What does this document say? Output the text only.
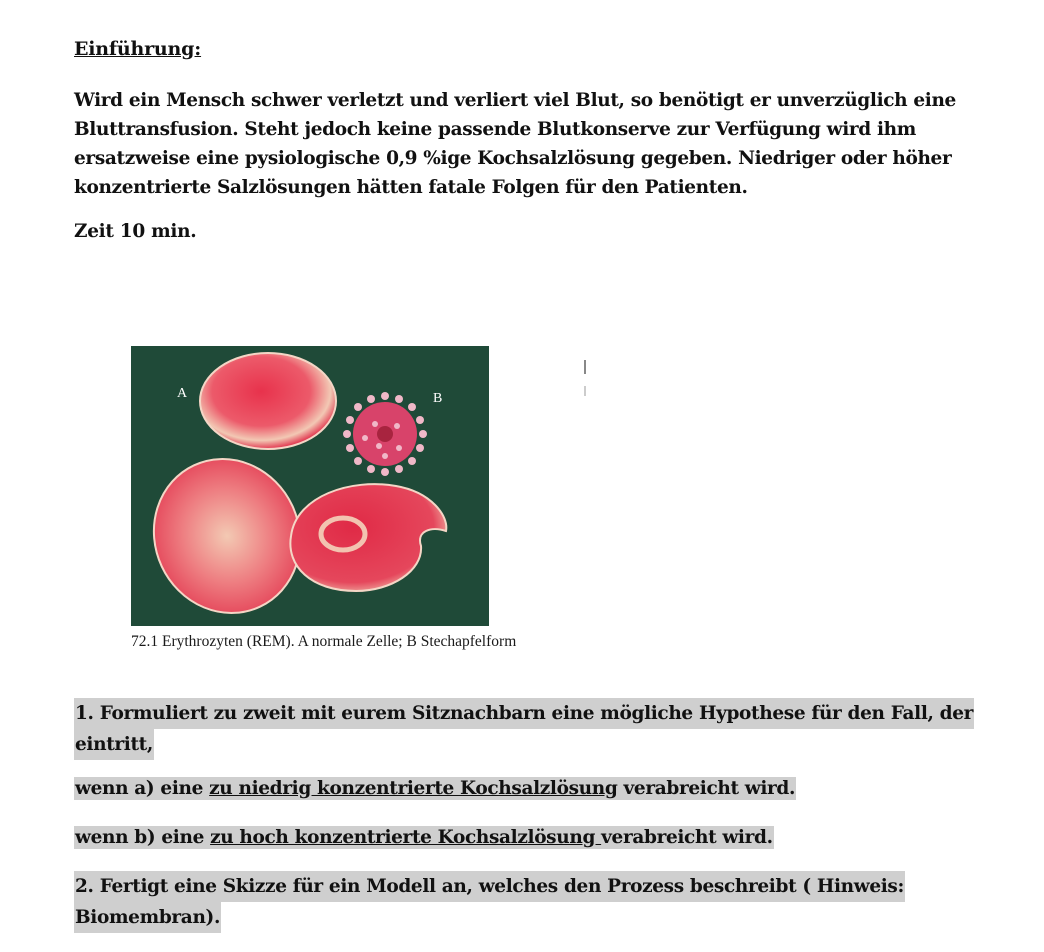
Einführung:
Wird ein Mensch schwer verletzt und verliert viel Blut, so benötigt er unverzüglich eine
Bluttransfusion. Steht jedoch keine passende Blutkonserve zur Verfügung wird ihm
ersatzweise eine pysiologische 0,9 %ige Kochsalzlösung gegeben. Niedriger oder höher
konzentrierte Salzlösungen hätten fatale Folgen für den Patienten.
Zeit 10 min.
A	B
72.1 Erythrozyten (REM). A normale Zelle; B Stechapfelform
1. Formuliert zu zweit mit eurem Sitznachbarn eine mögliche Hypothese für den Fall, der
eintritt,
wenn a) eine zu niedrig konzentrierte Kochsalzlösung verabreicht wird.
wenn b) eine zu hoch konzentrierte Kochsalzlösung verabreicht wird.
2. Fertigt eine Skizze für ein Modell an, welches den Prozess beschreibt ( Hinweis:
Biomembran).
